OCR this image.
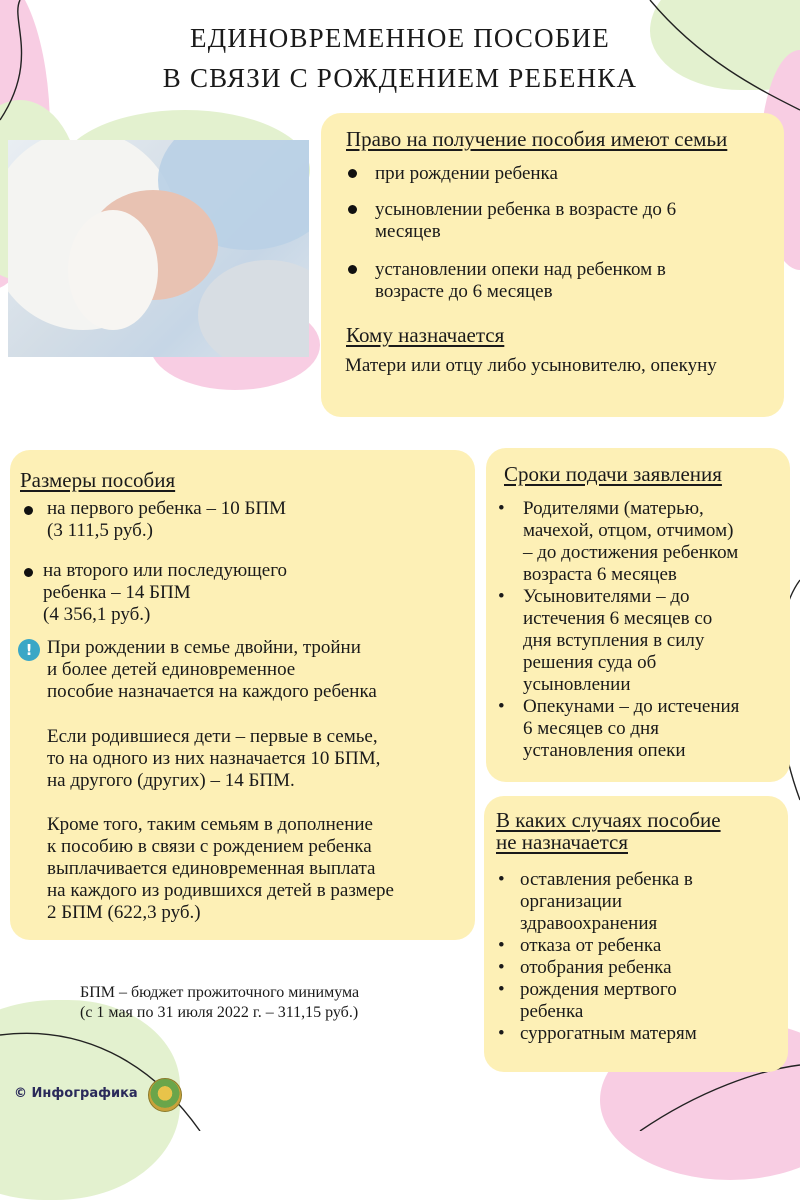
ЕДИНОВРЕМЕННОЕ ПОСОБИЕ
В СВЯЗИ С РОЖДЕНИЕМ РЕБЕНКА
Право на получение пособия имеют семьи
при рождении ребенка
усыновлении ребенка в возрасте до 6 месяцев
установлении опеки над ребенком в возрасте до 6 месяцев
Кому назначается
Матери или отцу либо усыновителю, опекуну
Размеры пособия
на первого ребенка – 10 БПМ
(3 111,5 руб.)
на второго или последующего
ребенка – 14 БПМ
(4 356,1 руб.)
! При рождении в семье двойни, тройни
и более детей единовременное
пособие назначается на каждого ребенка
Если родившиеся дети – первые в семье,
то на одного из них назначается 10 БПМ,
на другого (других) – 14 БПМ.
Кроме того, таким семьям в дополнение
к пособию в связи с рождением ребенка
выплачивается единовременная выплата
на каждого из родившихся детей в размере
2 БПМ (622,3 руб.)
Сроки подачи заявления
• Родителями (матерью,
мачехой, отцом, отчимом)
– до достижения ребенком
возраста 6 месяцев
• Усыновителями – до
истечения 6 месяцев со
дня вступления в силу
решения суда об
усыновлении
• Опекунами – до истечения
6 месяцев со дня
установления опеки
В каких случаях пособие
не назначается
• оставления ребенка в
организации
здравоохранения
• отказа от ребенка
• отобрания ребенка
• рождения мертвого
ребенка
• суррогатным матерям
БПМ – бюджет прожиточного минимума
(с 1 мая по 31 июля 2022 г. – 311,15 руб.)
© Инфографика
